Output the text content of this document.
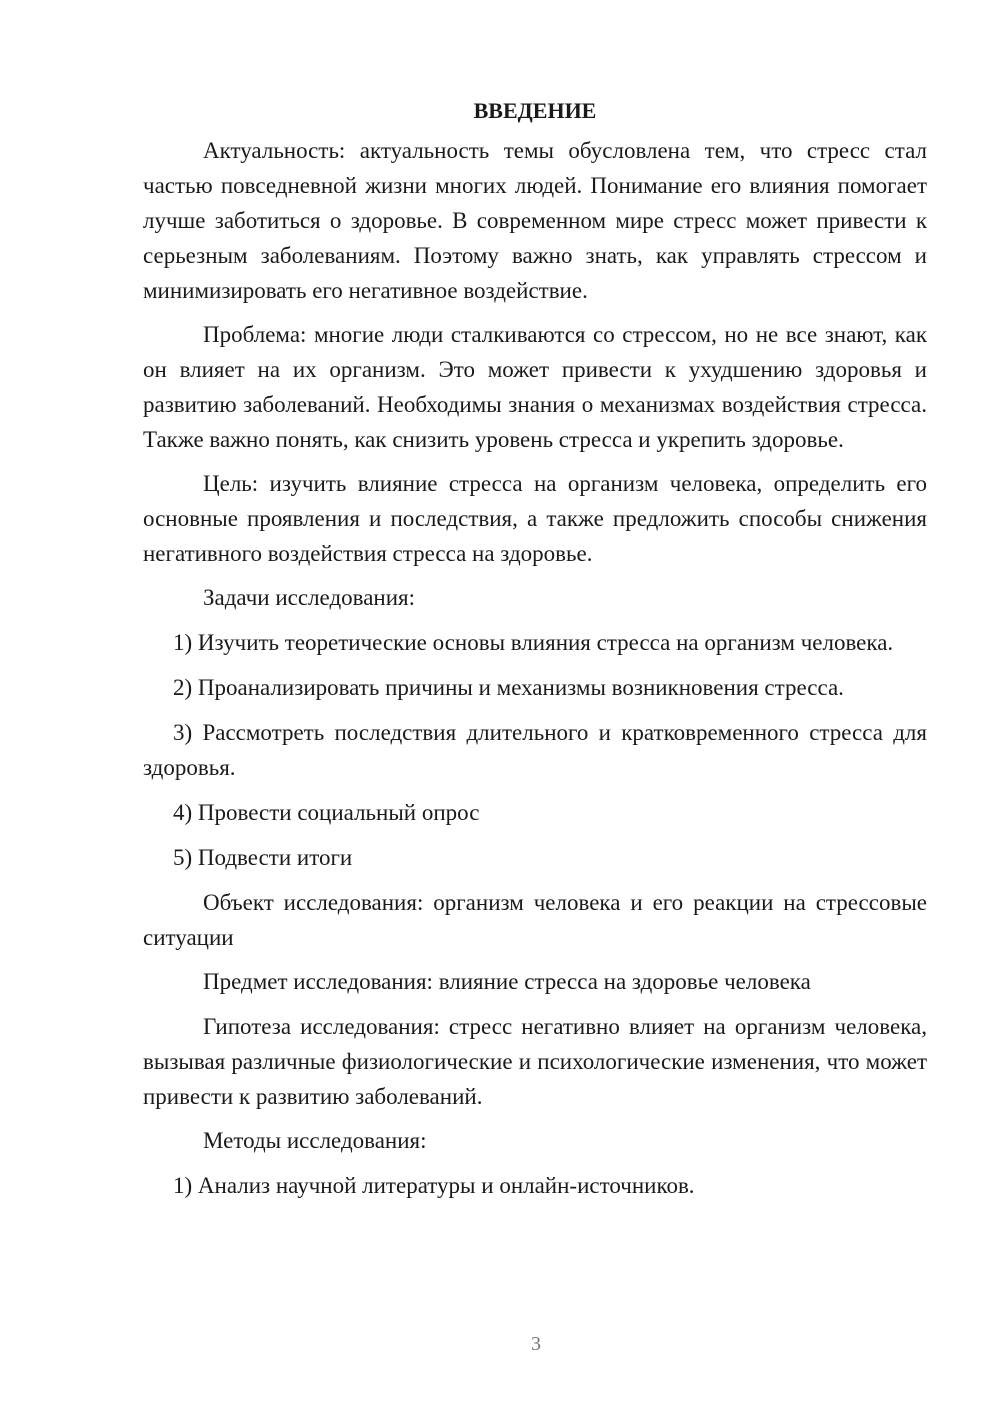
ВВЕДЕНИЕ

Актуальность: актуальность темы обусловлена тем, что стресс стал частью повседневной жизни многих людей. Понимание его влияния помогает лучше заботиться о здоровье. В современном мире стресс может привести к серьезным заболеваниям. Поэтому важно знать, как управлять стрессом и минимизировать его негативное воздействие.

Проблема: многие люди сталкиваются со стрессом, но не все знают, как он влияет на их организм. Это может привести к ухудшению здоровья и развитию заболеваний. Необходимы знания о механизмах воздействия стресса. Также важно понять, как снизить уровень стресса и укрепить здоровье.

Цель: изучить влияние стресса на организм человека, определить его основные проявления и последствия, а также предложить способы снижения негативного воздействия стресса на здоровье.

Задачи исследования:

1) Изучить теоретические основы влияния стресса на организм человека.

2) Проанализировать причины и механизмы возникновения стресса.

3) Рассмотреть последствия длительного и кратковременного стресса для здоровья.

4) Провести социальный опрос

5) Подвести итоги

Объект исследования: организм человека и его реакции на стрессовые ситуации

Предмет исследования: влияние стресса на здоровье человека

Гипотеза исследования: стресс негативно влияет на организм человека, вызывая различные физиологические и психологические изменения, что может привести к развитию заболеваний.

Методы исследования:

1) Анализ научной литературы и онлайн-источников.

3
